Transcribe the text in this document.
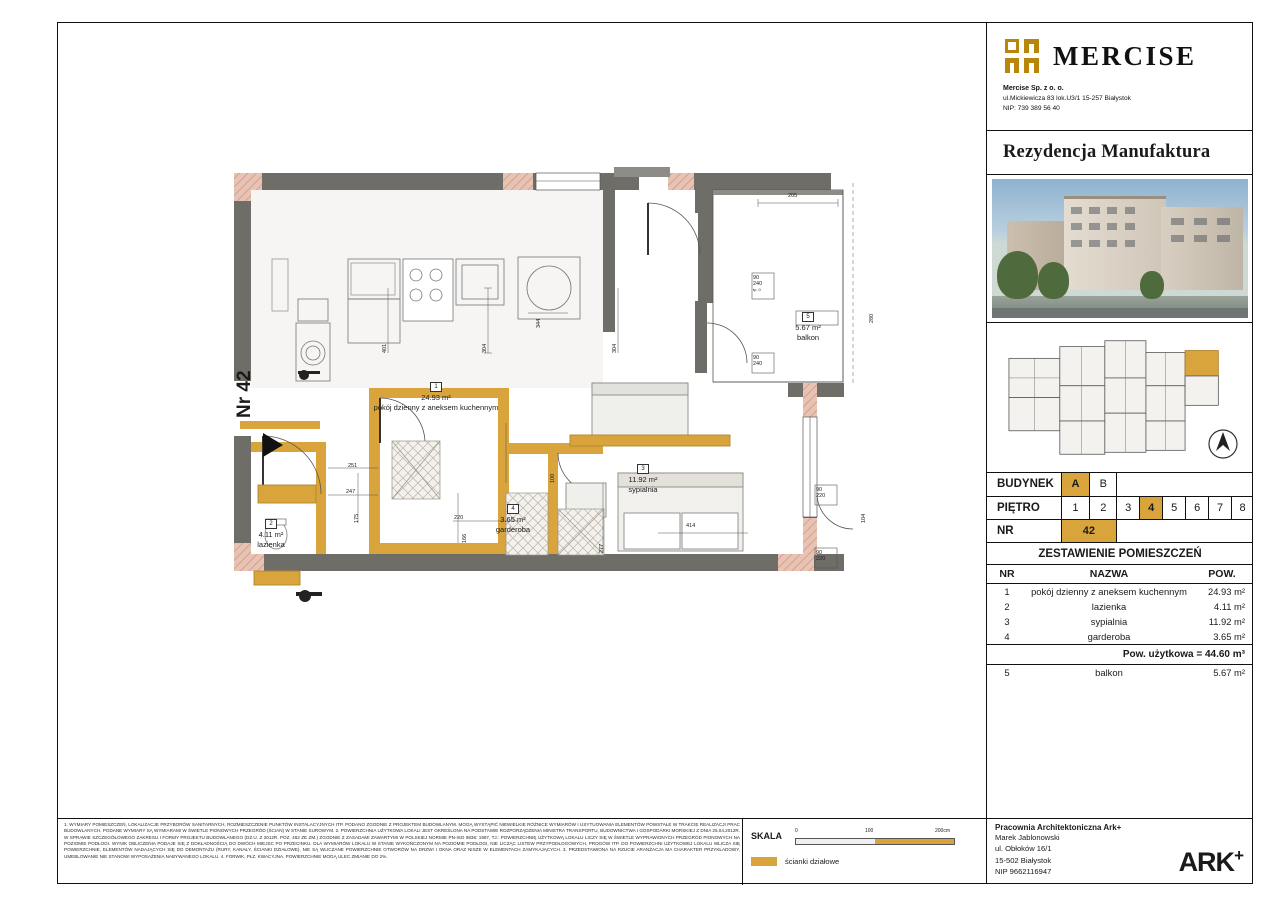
Nr 42	1
24.93 m²
pokój dzienny z aneksem kuchennym
2
4.11 m²
lazienka
3
11.92 m²
sypialnia
4
3.65 m²
garderoba
5
5.67 m²
balkon
205
304	304
344
401
251
247
175	220
166
277
414
100
104
90
240
tp. 0
90
240
90
220
90
220
280
1. WYMIARY POMIESZCZEŃ, LOKALIZACJE PRZYBORÓW SANITARNYCH, ROZMIESZCZENIE PUNKTÓW INSTALACYJNYCH ITP. PODANO ZGODNIE Z PROJEKTEM BUDOWLANYM. MOGĄ WYSTĄPIĆ NIEWIELKIE RÓŻNICE WYMIARÓW I USYTUOWANIA ELEMENTÓW POWSTAŁE W TRAKCIE REALIZACJI PRAC BUDOWLANYCH. PODANE WYMIARY SĄ WYMIARAMI W ŚWIETLE PIONOWYCH PRZEGRÓD (ŚCIAN) W STANIE SUROWYM. 2. POWIERZCHNIA UŻYTKOWA LOKALI JEST OKREŚLONA NA PODSTAWIE ROZPORZĄDZENIA MINISTRA TRANSPORTU, BUDOWNICTWA I GOSPODARKI MORSKIEJ Z DNIA 25.04.2012R. W SPRAWIE SZCZEGÓŁOWEGO ZAKRESU I FORMY PROJEKTU BUDOWLANEGO (DZ.U. Z 2012R. POZ. 462 ZE ZM.) ZGODNIE Z ZASADAMI ZAWARTYMI W POLSKIEJ NORMIE PN-ISO 9836: 1997, TJ.: POWIERZCHNIĘ UŻYTKOWĄ LOKALU LICZY SIĘ W ŚWIETLE WYPRAWIONYCH PRZEGRÓD PIONOWYCH NA POZIOMIE PODŁOGI. WYNIK OBLICZENIA PODAJE SIĘ Z DOKŁADNOŚCIĄ DO DWÓCH MIEJSC PO PRZECINKU. DLA WYMIARÓW LOKALU W STANIE WYKOŃCZONYM NA POZIOMIE PODŁOGI, NIE LICZĄC LISTEW PRZYPODŁOGOWYCH, PROGÓW ITP. DO POWIERZCHNI UŻYTKOWEJ LOKALU WLICZA SIĘ POWIERZCHNIE, ELEMENTÓW NADAJĄCYCH SIĘ DO DEMONTAŻU (RURY, KANAŁY, ŚCIANKI DZIAŁOWE), NIE SĄ WLICZANE POWIERZCHNIE OTWORÓW NA DRZWI I OKNA ORAZ NISZE W ELEMENTACH ZAMYKAJĄCYCH. 3. PRZEDSTAWIONA NA RZUCIE ARANŻACJA MA CHARAKTER PRZYKŁADOWY, UMEBLOWANIE NIE STANOWI WYPOSAŻENIA NABYWANEGO LOKALU. 4. FORWIK, PŁZ. KWACYJNA. POWIERZCHNIE MOGĄ ULEC ZMIANIE DO 2%.
SKALA
0	100	200cm
ścianki działowe
Pracownia Architektoniczna Ark+
Marek Jablonowski
ul. Obłoków 16/1
15-502 Białystok
NIP 9662116947	ARK+
MERCISE
Mercise Sp. z o. o.
ul.Mickiewicza 83 lok.U3/1 15-257 Białystok
NIP: 739 389 56 40
Rezydencja Manufaktura
BUDYNEK	A	B						
PIĘTRO	1	2	3	4	5	6	7	8
NR	42							
ZESTAWIENIE POMIESZCZEŃ
NR	NAZWA	POW.
1	pokój dzienny z aneksem kuchennym	24.93 m²
2	lazienka	4.11 m²
3	sypialnia	11.92 m²
4	garderoba	3.65 m²
Pow. użytkowa = 44.60 m³		
5	balkon	5.67 m²
